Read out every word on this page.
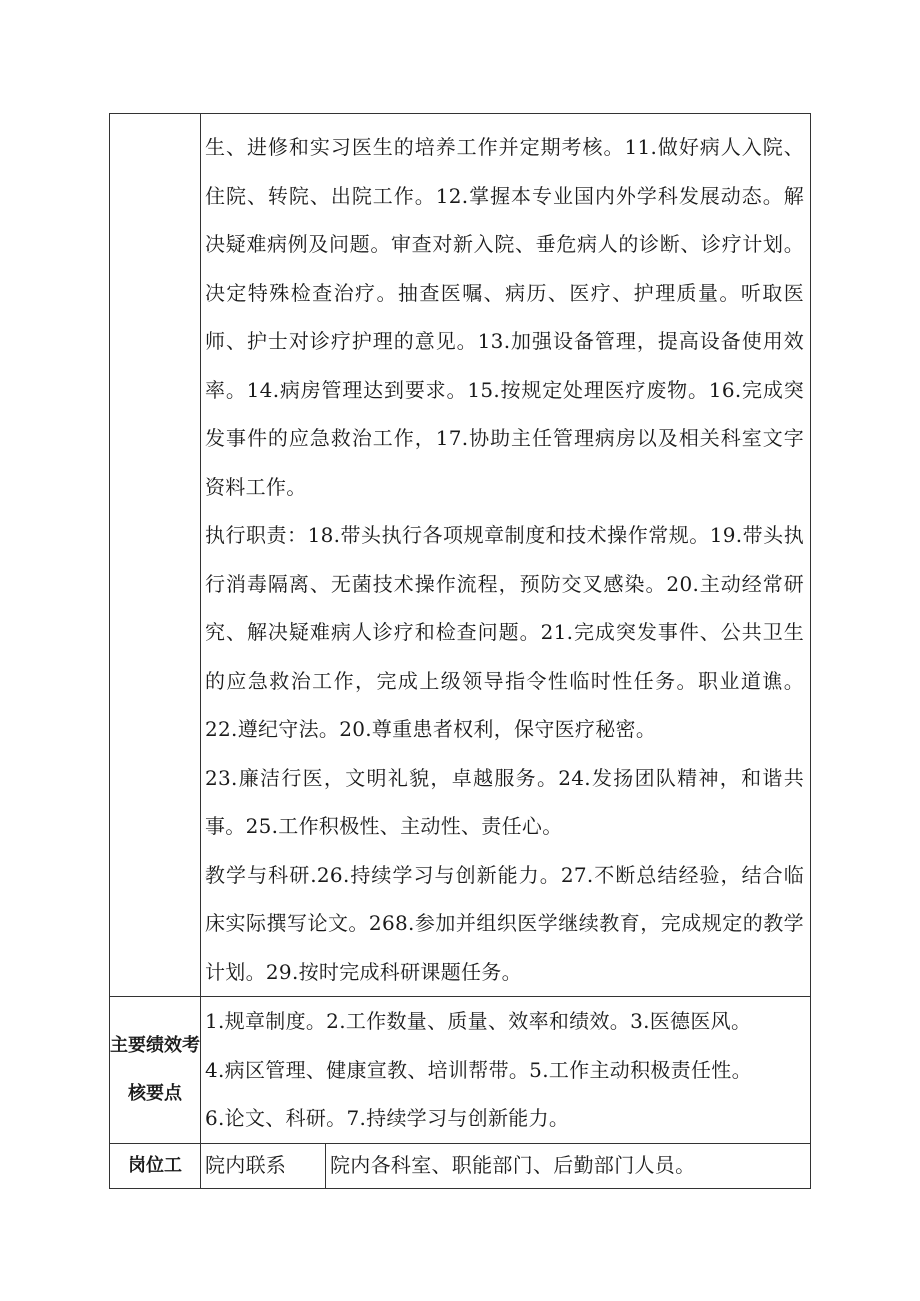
	生、进修和实习医生的培养工作并定期考核。11.做好病人入院、住院、转院、出院工作。12.掌握本专业国内外学科发展动态。解决疑难病例及问题。审查对新入院、垂危病人的诊断、诊疗计划。决定特殊检查治疗。抽查医嘱、病历、医疗、护理质量。听取医师、护士对诊疗护理的意见。13.加强设备管理，提高设备使用效率。14.病房管理达到要求。15.按规定处理医疗废物。16.完成突发事件的应急救治工作，17.协助主任管理病房以及相关科室文字资料工作。

执行职责：18.带头执行各项规章制度和技术操作常规。19.带头执行消毒隔离、无菌技术操作流程，预防交叉感染。20.主动经常研究、解决疑难病人诊疗和检查问题。21.完成突发事件、公共卫生的应急救治工作，完成上级领导指令性临时性任务。职业道谯。22.遵纪守法。20.尊重患者权利，保守医疗秘密。

23.廉洁行医，文明礼貌，卓越服务。24.发扬团队精神，和谐共事。25.工作积极性、主动性、责任心。

教学与科研.26.持续学习与创新能力。27.不断总结经验，结合临床实际撰写论文。268.参加并组织医学继续教育，完成规定的教学计划。29.按时完成科研课题任务。	

主要绩效考核要点	1.规章制度。2.工作数量、质量、效率和绩效。3.医德医风。

4.病区管理、健康宣教、培训帮带。5.工作主动积极责任性。

6.论文、科研。7.持续学习与创新能力。	

岗位工	院内联系	院内各科室、职能部门、后勤部门人员。
